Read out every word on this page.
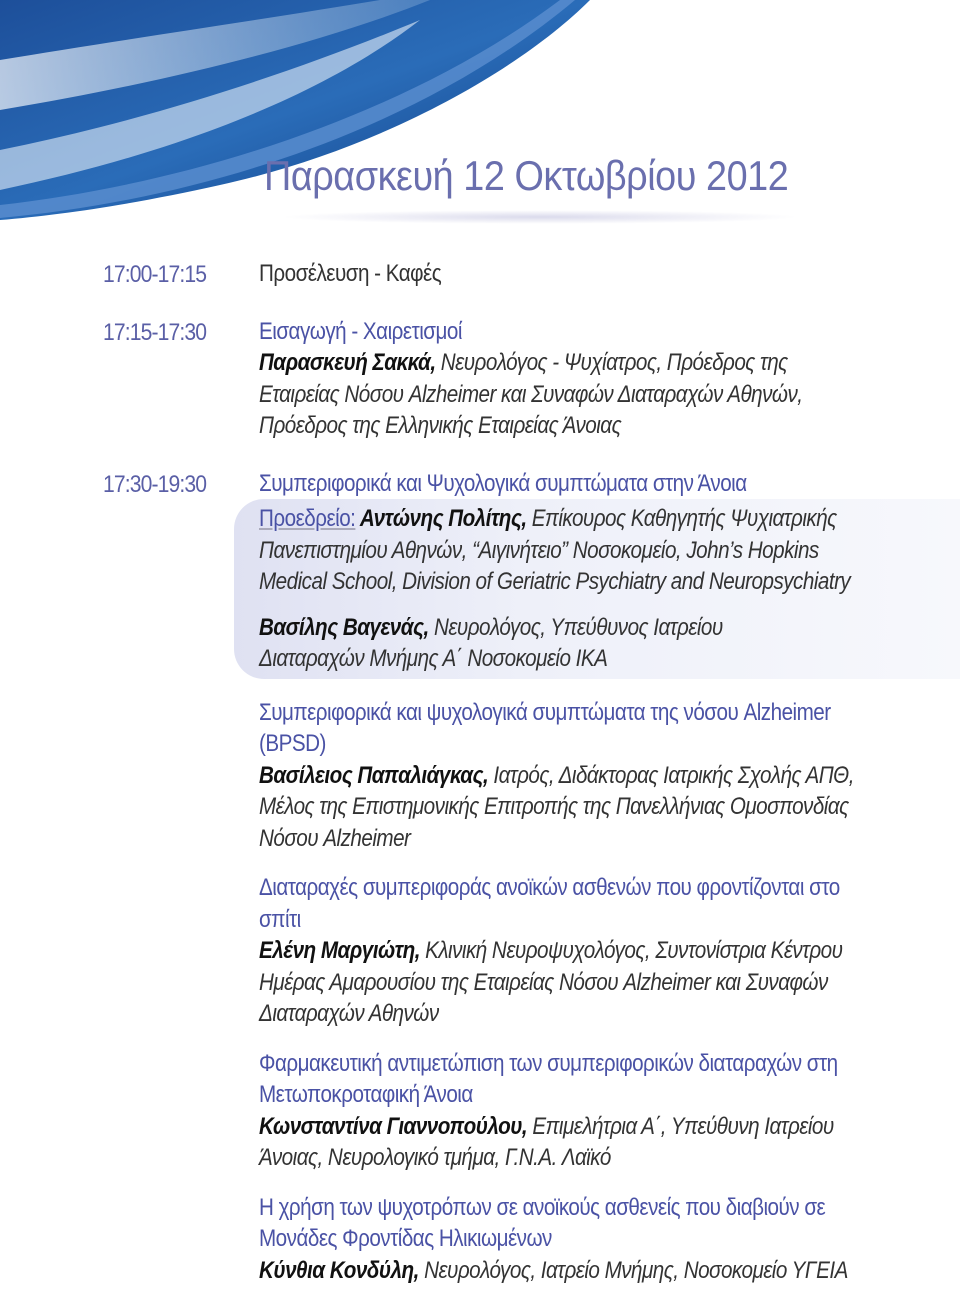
Παρασκευή 12 Οκτωβρίου 2012
17:00-17:15 Προσέλευση - Καφές
17:15-17:30 Εισαγωγή - Χαιρετισμοί
Παρασκευή Σακκά, Νευρολόγος - Ψυχίατρος, Πρόεδρος της
Εταιρείας Νόσου Alzheimer και Συναφών Διαταραχών Αθηνών,
Πρόεδρος της Ελληνικής Εταιρείας Άνοιας
17:30-19:30 Συμπεριφορικά και Ψυχολογικά συμπτώματα στην Άνοια
Προεδρείο: Αντώνης Πολίτης, Επίκουρος Καθηγητής Ψυχιατρικής
Πανεπιστημίου Αθηνών, “Αιγινήτειο” Νοσοκομείο, John’s Hopkins
Medical School, Division of Geriatric Psychiatry and Neuropsychiatry
Βασίλης Βαγενάς, Νευρολόγος, Υπεύθυνος Ιατρείου
Διαταραχών Μνήμης Α΄ Νοσοκομείο ΙΚΑ
Συμπεριφορικά και ψυχολογικά συμπτώματα της νόσου Alzheimer
(BPSD)
Βασίλειος Παπαλιάγκας, Ιατρός, Διδάκτορας Ιατρικής Σχολής ΑΠΘ,
Μέλος της Επιστημονικής Επιτροπής της Πανελλήνιας Ομοσπονδίας
Νόσου Alzheimer
Διαταραχές συμπεριφοράς ανοϊκών ασθενών που φροντίζονται στο
σπίτι
Ελένη Μαργιώτη, Κλινική Νευροψυχολόγος, Συντονίστρια Κέντρου
Ημέρας Αμαρουσίου της Εταιρείας Νόσου Alzheimer και Συναφών
Διαταραχών Αθηνών
Φαρμακευτική αντιμετώπιση των συμπεριφορικών διαταραχών στη
Μετωποκροταφική Άνοια
Κωνσταντίνα Γιαννοπούλου, Επιμελήτρια Α΄, Υπεύθυνη Ιατρείου
Άνοιας, Νευρολογικό τμήμα, Γ.Ν.Α. Λαϊκό
Η χρήση των ψυχοτρόπων σε ανοϊκούς ασθενείς που διαβιούν σε
Μονάδες Φροντίδας Ηλικιωμένων
Κύνθια Κονδύλη, Νευρολόγος, Ιατρείο Μνήμης, Νοσοκομείο ΥΓΕΙΑ
